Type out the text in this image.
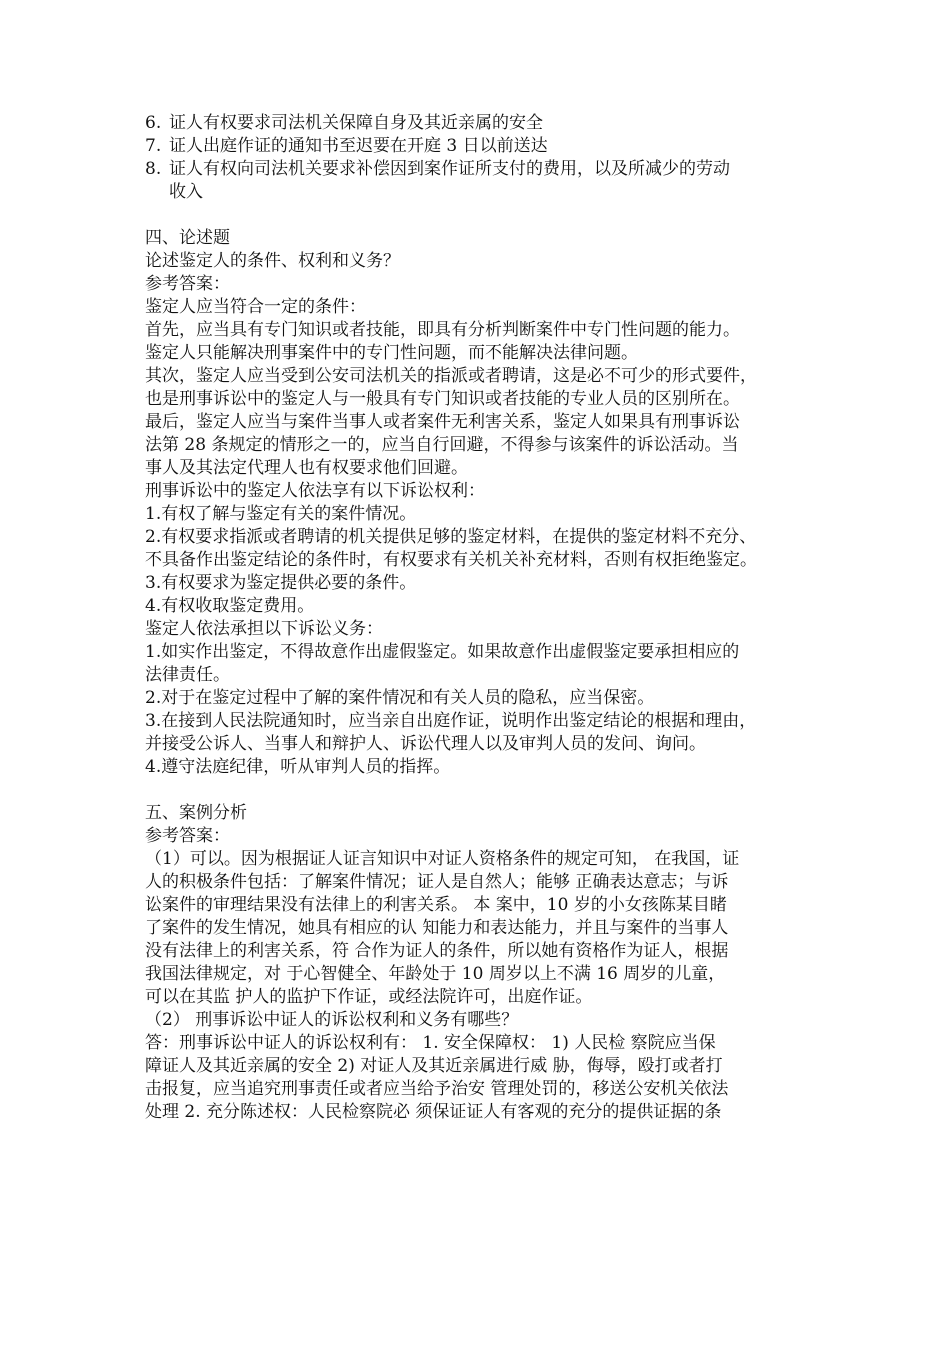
6. 证人有权要求司法机关保障自身及其近亲属的安全
7. 证人出庭作证的通知书至迟要在开庭 3 日以前送达
8. 证人有权向司法机关要求补偿因到案作证所支付的费用，以及所减少的劳动
收入
四、论述题
论述鉴定人的条件、权利和义务？
参考答案：
鉴定人应当符合一定的条件：
首先，应当具有专门知识或者技能，即具有分析判断案件中专门性问题的能力。
鉴定人只能解决刑事案件中的专门性问题，而不能解决法律问题。
其次，鉴定人应当受到公安司法机关的指派或者聘请，这是必不可少的形式要件，
也是刑事诉讼中的鉴定人与一般具有专门知识或者技能的专业人员的区别所在。
最后，鉴定人应当与案件当事人或者案件无利害关系，鉴定人如果具有刑事诉讼
法第 28 条规定的情形之一的，应当自行回避，不得参与该案件的诉讼活动。当
事人及其法定代理人也有权要求他们回避。
刑事诉讼中的鉴定人依法享有以下诉讼权利：
1.有权了解与鉴定有关的案件情况。
2.有权要求指派或者聘请的机关提供足够的鉴定材料，在提供的鉴定材料不充分、
不具备作出鉴定结论的条件时，有权要求有关机关补充材料，否则有权拒绝鉴定。
3.有权要求为鉴定提供必要的条件。
4.有权收取鉴定费用。
鉴定人依法承担以下诉讼义务：
1.如实作出鉴定，不得故意作出虚假鉴定。如果故意作出虚假鉴定要承担相应的
法律责任。
2.对于在鉴定过程中了解的案件情况和有关人员的隐私，应当保密。
3.在接到人民法院通知时，应当亲自出庭作证，说明作出鉴定结论的根据和理由，
并接受公诉人、当事人和辩护人、诉讼代理人以及审判人员的发问、询问。
4.遵守法庭纪律，听从审判人员的指挥。
五、案例分析
参考答案：
（1）可以。因为根据证人证言知识中对证人资格条件的规定可知， 在我国，证
人的积极条件包括：了解案件情况；证人是自然人；能够 正确表达意志；与诉
讼案件的审理结果没有法律上的利害关系。 本 案中，10 岁的小女孩陈某目睹
了案件的发生情况，她具有相应的认 知能力和表达能力，并且与案件的当事人
没有法律上的利害关系，符 合作为证人的条件，所以她有资格作为证人，根据
我国法律规定，对 于心智健全、年龄处于 10 周岁以上不满 16 周岁的儿童，
可以在其监 护人的监护下作证，或经法院许可，出庭作证。
（2） 刑事诉讼中证人的诉讼权利和义务有哪些？
答：刑事诉讼中证人的诉讼权利有： 1. 安全保障权： 1) 人民检 察院应当保
障证人及其近亲属的安全 2) 对证人及其近亲属进行威 胁，侮辱，殴打或者打
击报复，应当追究刑事责任或者应当给予治安 管理处罚的，移送公安机关依法
处理 2. 充分陈述权：人民检察院必 须保证证人有客观的充分的提供证据的条
